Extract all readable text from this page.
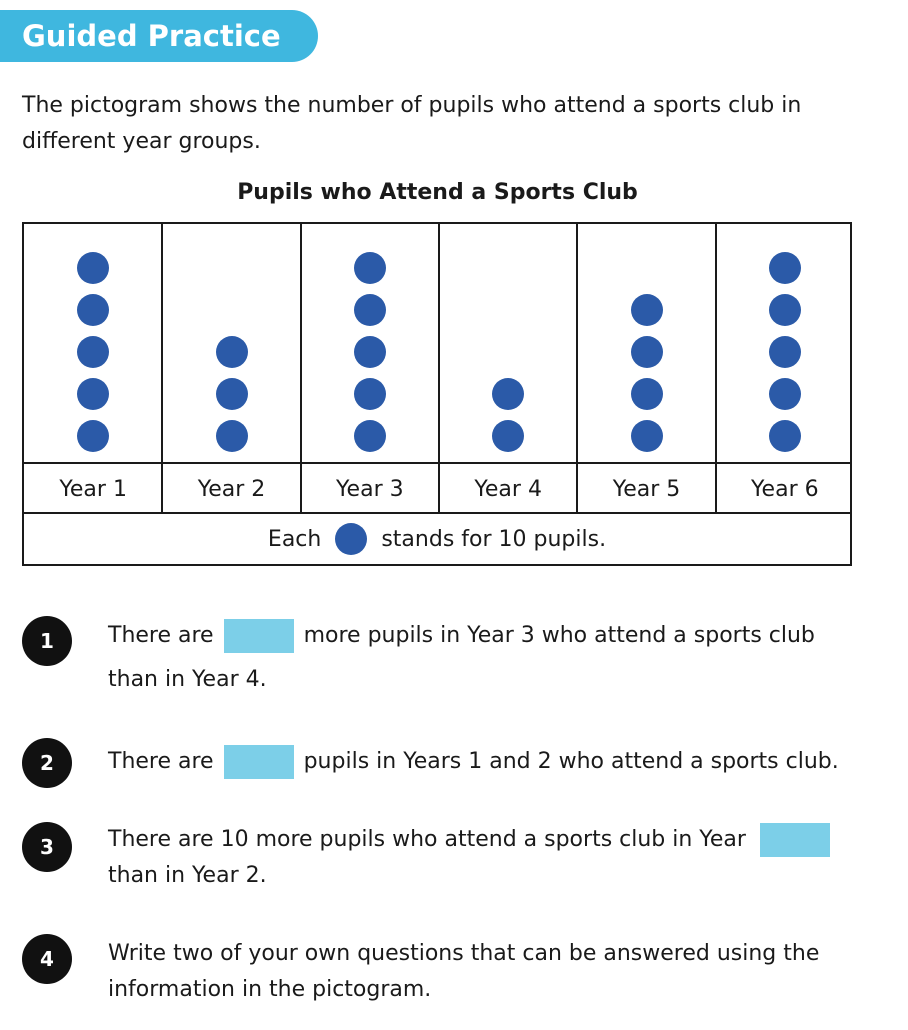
Guided Practice
The pictogram shows the number of pupils who attend a sports club in different year groups.
Pupils who Attend a Sports Club
Each	stands for 10 pupils.
Year 1	Year 2	Year 3	Year 4	Year 5	Year 6
1	There are	more pupils in Year 3 who attend a sports club
than in Year 4.
2	There are	pupils in Years 1 and 2 who attend a sports club.
3	There are 10 more pupils who attend a sports club in Year
than in Year 2.
4	Write two of your own questions that can be answered using the
information in the pictogram.
